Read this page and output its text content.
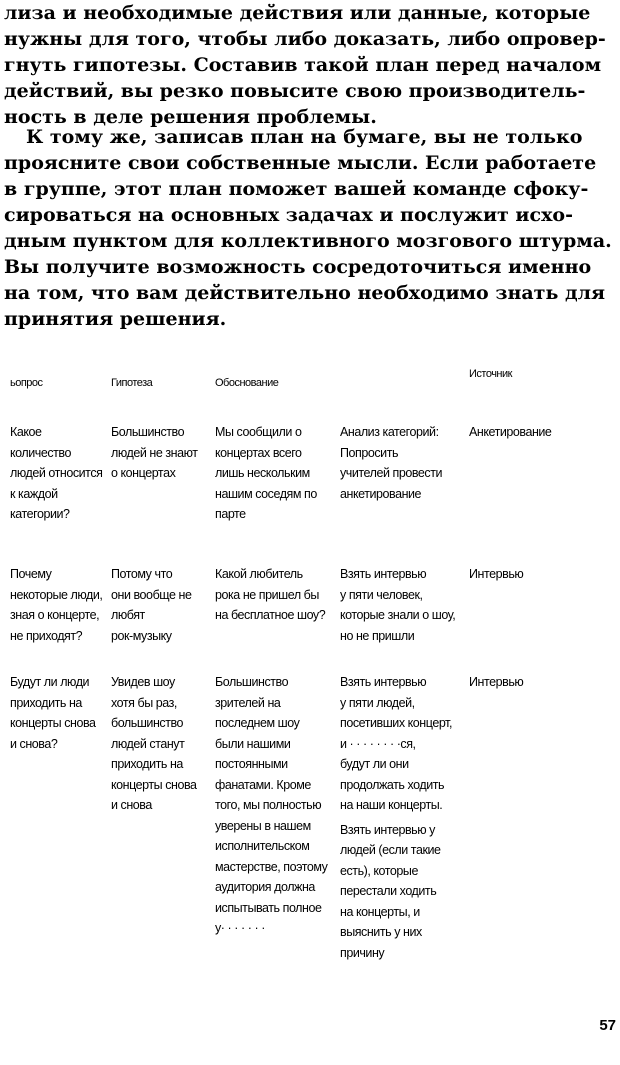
лиза и необходимые действия или данные, которые
нужны для того, чтобы либо доказать, либо опровер-
гнуть гипотезы. Составив такой план перед началом
действий, вы резко повысите свою производитель-
ность в деле решения проблемы.
К тому же, записав план на бумаге, вы не только
проясните свои собственные мысли. Если работаете
в группе, этот план поможет вашей команде сфоку-
сироваться на основных задачах и послужит исхо-
дным пунктом для коллективного мозгового штурма.
Вы получите возможность сосредоточиться именно
на том, что вам действительно необходимо знать для
принятия решения.
ьопрос	Гипотеза	Обоснование
Источник
Какое
количество
людей относится
к каждой
категории?
Большинство
людей не знают
о концертах
Мы сообщили о
концертах всего
лишь нескольким
нашим соседям по
парте
Анализ категорий:
Попросить
учителей провести
анкетирование
Анкетирование
Почему
некоторые люди,
зная о концерте,
не приходят?
Потому что
они вообще не
любят
рок-музыку
Какой любитель
рока не пришел бы
на бесплатное шоу?
Взять интервью
у пяти человек,
которые знали о шоу,
но не пришли
Интервью
Будут ли люди
приходить на
концерты снова
и снова?
Увидев шоу
хотя бы раз,
большинство
людей станут
приходить на
концерты снова
и снова
Большинство
зрителей на
последнем шоу
были нашими
постоянными
фанатами. Кроме
того, мы полностью
уверены в нашем
исполнительском
мастерстве, поэтому
аудитория должна
испытывать полное
у· · · · · · ·
Взять интервью
у пяти людей,
посетивших концерт,
и · · · · · · · ·ся,
будут ли они
продолжать ходить
на наши концерты.
Взять интервью у
людей (если такие
есть), которые
перестали ходить
на концерты, и
выяснить у них
причину
Интервью
57
